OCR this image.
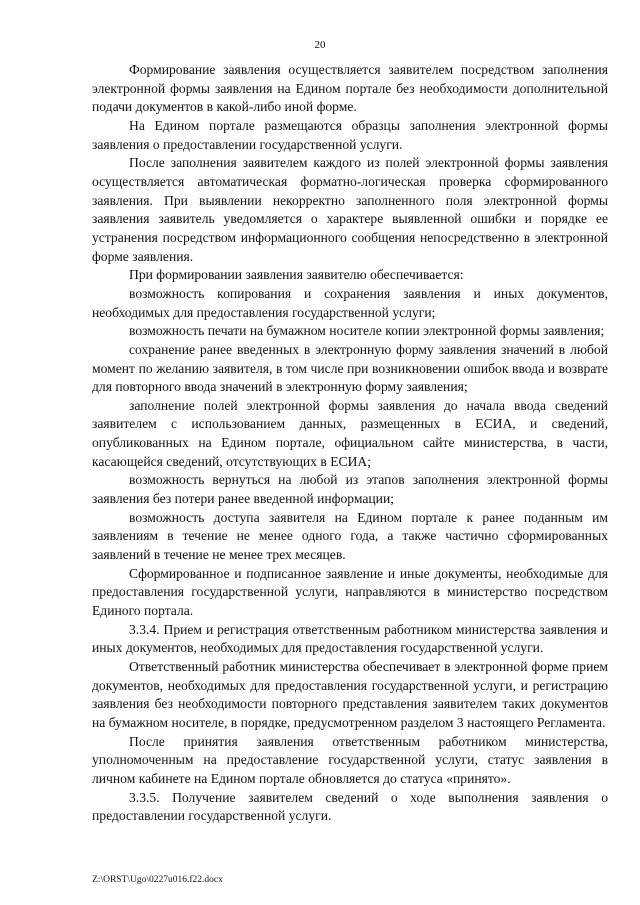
20

Формирование заявления осуществляется заявителем посредством заполнения электронной формы заявления на Едином портале без необходимости дополнительной подачи документов в какой-либо иной форме.

На Едином портале размещаются образцы заполнения электронной формы заявления о предоставлении государственной услуги.

После заполнения заявителем каждого из полей электронной формы заявления осуществляется автоматическая форматно-логическая проверка сформированного заявления. При выявлении некорректно заполненного поля электронной формы заявления заявитель уведомляется о характере выявленной ошибки и порядке ее устранения посредством информационного сообщения непосредственно в электронной форме заявления.

При формировании заявления заявителю обеспечивается:

возможность копирования и сохранения заявления и иных документов, необходимых для предоставления государственной услуги;

возможность печати на бумажном носителе копии электронной формы заявления;

сохранение ранее введенных в электронную форму заявления значений в любой момент по желанию заявителя, в том числе при возникновении ошибок ввода и возврате для повторного ввода значений в электронную форму заявления;

заполнение полей электронной формы заявления до начала ввода сведений заявителем с использованием данных, размещенных в ЕСИА, и сведений, опубликованных на Едином портале, официальном сайте министерства, в части, касающейся сведений, отсутствующих в ЕСИА;

возможность вернуться на любой из этапов заполнения электронной формы заявления без потери ранее введенной информации;

возможность доступа заявителя на Едином портале к ранее поданным им заявлениям в течение не менее одного года, а также частично сформированных заявлений в течение не менее трех месяцев.

Сформированное и подписанное заявление и иные документы, необходимые для предоставления государственной услуги, направляются в министерство посредством Единого портала.

3.3.4. Прием и регистрация ответственным работником министерства заявления и иных документов, необходимых для предоставления государственной услуги.

Ответственный работник министерства обеспечивает в электронной форме прием документов, необходимых для предоставления государственной услуги, и регистрацию заявления без необходимости повторного представления заявителем таких документов на бумажном носителе, в порядке, предусмотренном разделом 3 настоящего Регламента.

После принятия заявления ответственным работником министерства, уполномоченным на предоставление государственной услуги, статус заявления в личном кабинете на Едином портале обновляется до статуса «принято».

3.3.5. Получение заявителем сведений о ходе выполнения заявления о предоставлении государственной услуги.

Z:\ORST\Ugo\0227u016.f22.docx
